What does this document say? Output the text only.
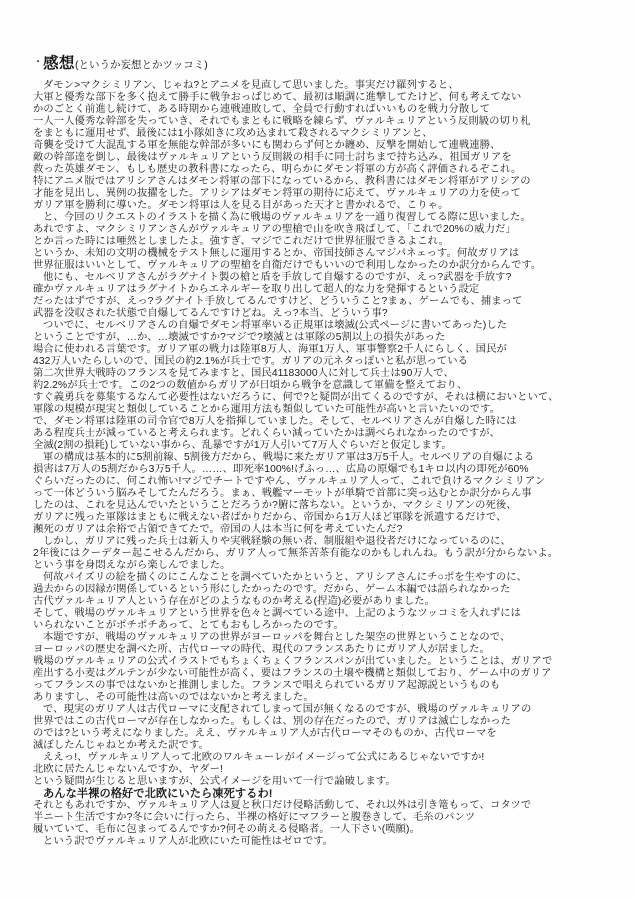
・感想(というか妄想とかツッコミ)
ダモン>マクシミリアン、じゃね?とアニメを見直して思いました。事実だけ羅列すると、
大軍と優秀な部下を多く抱えて勝手に戦争おっぱじめて、最初は順調に進撃してたけど、何も考えてない
かのごとく前進し続けて、ある時期から連戦連敗して、全員で行動すればいいものを戦力分散して
一人一人優秀な幹部を失っていき、それでもまともに戦略を練らず、ヴァルキュリアという反則級の切り札
をまともに運用せず、最後には1小隊如きに攻め込まれて殺されるマクシミリアンと、
奇襲を受けて大混乱する軍を無能な幹部が多いにも関わらず何とか纏め、反撃を開始して連戦連勝、
敵の幹部達を倒し、最後はヴァルキュリアという反則級の相手に同士討ちまで持ち込み、祖国ガリアを
救った英雄ダモン、もしも歴史の教科書になったら、明らかにダモン将軍の方が高く評価されるぞこれ。
特にアニメ版ではアリシアさんはダモン将軍の部下になっているから、教科書にはダモン将軍がアリシアの
才能を見出し、異例の抜擢をした。アリシアはダモン将軍の期待に応えて、ヴァルキュリアの力を使って
ガリア軍を勝利に導いた。ダモン将軍は人を見る目があった天才と書かれるで、こりゃ。
と、今回のリクエストのイラストを描く為に戦場のヴァルキュリアを一通り復習してる際に思いました。
あれですよ、マクシミリアンさんがヴァルキュリアの聖槍で山を吹き飛ばして、「これで20%の威力だ」
とか言った時には唖然としましたよ。強すぎ、マジでこれだけで世界征服できるよこれ。
というか、未知の文明の機械をテスト無しに運用するとか、帝国技師さんマジパネェっす。何故ガリアは
世界征服はいいとして、ヴァルキュリアの聖槍を自衛だけでもいいので利用しなかったのか訳分からんです。
他にも、セルベリアさんがラグナイト製の槍と盾を手放して自爆するのですが、えっ?武器を手放す?
確かヴァルキュリアはラグナイトからエネルギーを取り出して超人的な力を発揮するという設定
だったはずですが、えっ?ラグナイト手放してるんですけど、どういうこと?まぁ、ゲームでも、捕まって
武器を没収された状態で自爆してるんですけどね。えっ?本当、どういう事?
ついでに、セルベリアさんの自爆でダモン将軍率いる正規軍は壊滅(公式ページに書いてあった)した
ということですが、…か、…壊滅ですか?マジで?壊滅とは軍隊の5割以上の損失があった
場合に使われる言葉です。ガリア軍の戦力は陸軍8万人、海軍1万人、軍事警察2千人にらしく、国民が
432万人いたらしいので、国民の約2.1%が兵士です。ガリアの元ネタっぽいと私が思っている
第二次世界大戦時のフランスを見てみますと、国民41183000人に対して兵士は90万人で、
約2.2%が兵士です。この2つの数値からガリアが日頃から戦争を意識して軍備を整えており、
すぐ義勇兵を募集するなんて必要性はないだろうに、何で?と疑問が出てくるのですが、それは横においといて、
軍隊の規模が現実と類似していることから運用方法も類似していた可能性が高いと言いたいのです。
で、ダモン将軍は陸軍の司令官で8万人を指揮していました。そして、セルベリアさんが自爆した時には
ある程度兵士が減っていると考えられます。どれくらい減っていたかは調べられなかったのですが、
全滅(2割の損耗)していない事から、乱暴ですが1万人引いて7万人ぐらいだと仮定します。
軍の構成は基本的に5割前線、5割後方だから、戦場に来たガリア軍は3万5千人。セルベリアの自爆による
損害は7万人の5割だから3万5千人。……、即死率100%!げふっ…、広島の原爆でも1キロ以内の即死が60%
ぐらいだったのに、何これ怖い!マジでチートですやん、ヴァルキュリア人って、これで負けるマクシミリアン
って一体どういう脳みそしてたんだろう。まぁ、戦艦マーモットが単騎で首都に突っ込むとか訳分からん事
したのは、これを見込んでいたということだろうか?腑に落ちない。というか、マクシミリアンの死後、
ガリアに残った軍隊はまともに戦えない者ばかりだから、帝国から1万人ほど軍隊を派遣するだけで、
瀕死のガリアは余裕で占領できてたで。帝国の人は本当に何を考えていたんだ?
しかし、ガリアに残った兵士は新入りや実戦経験の無い者、制服組や退役者だけになっているのに、
2年後にはクーデター起こせるんだから、ガリア人って無茶苦茶有能なのかもしれんね。もう訳が分からないよ。
という事を身悶えながら楽しんでました。
何故パイズリの絵を描くのにこんなことを調べていたかというと、アリシアさんにチ○ポを生やすのに、
過去からの因縁が関係しているという形にしたかったのです。だから、ゲーム本編では語られなかった
古代ヴァルキュリア人という存在がどのようなものか考える(捏造)必要がありました。
そして、戦場のヴァルキュリアという世界を色々と調べている途中、上記のようなツッコミを入れずには
いられないことがポチポチあって、とてもおもしろかったのです。
本題ですが、戦場のヴァルキュリアの世界がヨーロッパを舞台とした架空の世界ということなので、
ヨーロッパの歴史を調べた所、古代ローマの時代、現代のフランスあたりにガリア人が居ました。
戦場のヴァルキュリアの公式イラストでもちょくちょくフランスパンが出ていました。ということは、ガリアで
産出する小麦はグルテンが少ない可能性が高く、要はフランスの土壌や機構と類似しており、ゲーム中のガリア
ってフランスの事ではないかと推測しました。フランスで唱えられているガリア起源説というものも
ありますし、その可能性は高いのではないかと考えました。
で、現実のガリア人は古代ローマに支配されてしまって国が無くなるのですが、戦場のヴァルキュリアの
世界ではこの古代ローマが存在しなかった。もしくは、別の存在だったので、ガリアは滅亡しなかった
のでは?という考えになりました。ええ、ヴァルキュリア人が古代ローマそのものか、古代ローマを
滅ぼしたんじゃねとか考えた訳です。
ええっ!、ヴァルキュリア人って北欧のワルキューレがイメージって公式にあるじゃないですか!
北欧に居たんじゃないんですか、ヤダー!
という疑問が生じると思いますが、公式イメージを用いて一行で論破します。
あんな半裸の格好で北欧にいたら凍死するわ!
それともあれですか、ヴァルキュリア人は夏と秋口だけ侵略活動して、それ以外は引き篭もって、コタツで
半ニート生活ですか?冬に会いに行ったら、半裸の格好にマフラーと腹巻きして、毛糸のパンツ
履いていて、毛布に包まってるんですか?何その萌える侵略者。一人下さい(嘆願)。
という訳でヴァルキュリア人が北欧にいた可能性はゼロです。
